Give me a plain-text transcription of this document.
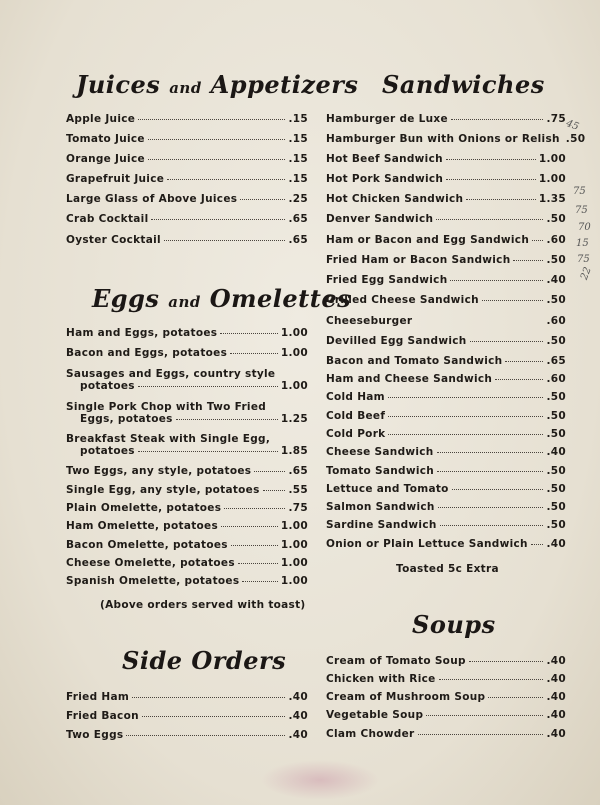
Juices and Appetizers
Apple Juice	.15
Tomato Juice	.15
Orange Juice	.15
Grapefruit Juice	.15
Large Glass of Above Juices	.25
Crab Cocktail	.65
Oyster Cocktail	.65
Eggs and Omelettes
Ham and Eggs, potatoes	1.00
Bacon and Eggs, potatoes	1.00
Sausages and Eggs, country style
potatoes	1.00
Single Pork Chop with Two Fried
Eggs, potatoes	1.25
Breakfast Steak with Single Egg,
potatoes	1.85
Two Eggs, any style, potatoes	.65
Single Egg, any style, potatoes	.55
Plain Omelette, potatoes	.75
Ham Omelette, potatoes	1.00
Bacon Omelette, potatoes	1.00
Cheese Omelette, potatoes	1.00
Spanish Omelette, potatoes	1.00
(Above orders served with toast)
Side Orders
Fried Ham	.40
Fried Bacon	.40
Two Eggs	.40
Sandwiches
Hamburger de Luxe	.75
Hamburger Bun with Onions or Relish .50
Hot Beef Sandwich	1.00
Hot Pork Sandwich	1.00
Hot Chicken Sandwich	1.35
Denver Sandwich	.50
Ham or Bacon and Egg Sandwich .60
Fried Ham or Bacon Sandwich	.50
Fried Egg Sandwich	.40
Grilled Cheese Sandwich	.50
Cheeseburger	.60
Devilled Egg Sandwich	.50
Bacon and Tomato Sandwich	.65
Ham and Cheese Sandwich	.60
Cold Ham	.50
Cold Beef	.50
Cold Pork	.50
Cheese Sandwich	.40
Tomato Sandwich	.50
Lettuce and Tomato	.50
Salmon Sandwich	.50
Sardine Sandwich	.50
Onion or Plain Lettuce Sandwich .40
Toasted 5c Extra
Soups
Cream of Tomato Soup	.40
Chicken with Rice	.40
Cream of Mushroom Soup	.40
Vegetable Soup	.40
Clam Chowder	.40
45
75
75
70
15
75
22
